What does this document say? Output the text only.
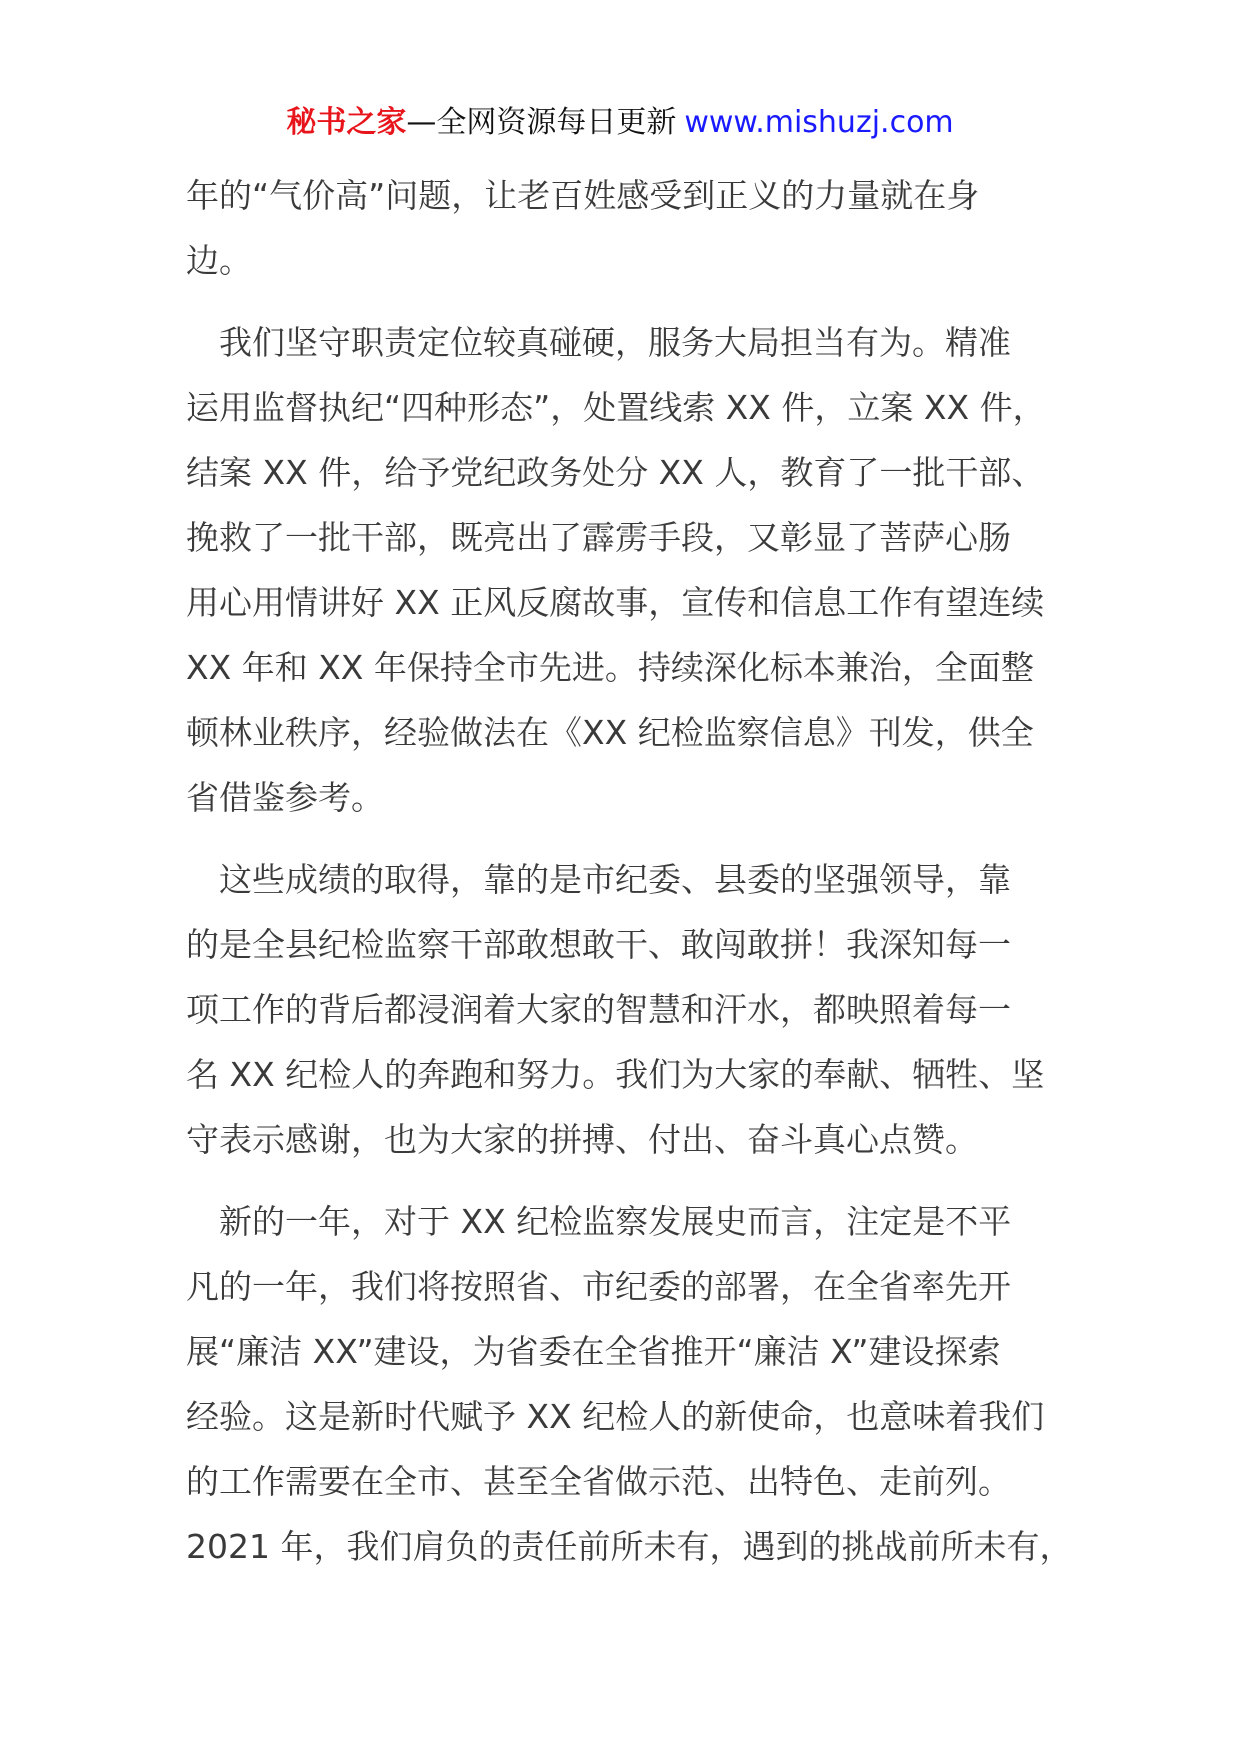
秘书之家—全网资源每日更新 www.mishuzj.com
年的“气价高”问题，让老百姓感受到正义的力量就在身
边。
　我们坚守职责定位较真碰硬，服务大局担当有为。精准
运用监督执纪“四种形态”，处置线索 XX 件，立案 XX 件，
结案 XX 件，给予党纪政务处分 XX 人，教育了一批干部、
挽救了一批干部，既亮出了霹雳手段，又彰显了菩萨心肠
用心用情讲好 XX 正风反腐故事，宣传和信息工作有望连续
XX 年和 XX 年保持全市先进。持续深化标本兼治，全面整
顿林业秩序，经验做法在《XX 纪检监察信息》刊发，供全
省借鉴参考。
　这些成绩的取得，靠的是市纪委、县委的坚强领导，靠
的是全县纪检监察干部敢想敢干、敢闯敢拼！我深知每一
项工作的背后都浸润着大家的智慧和汗水，都映照着每一
名 XX 纪检人的奔跑和努力。我们为大家的奉献、牺牲、坚
守表示感谢，也为大家的拼搏、付出、奋斗真心点赞。
　新的一年，对于 XX 纪检监察发展史而言，注定是不平
凡的一年，我们将按照省、市纪委的部署，在全省率先开
展“廉洁 XX”建设，为省委在全省推开“廉洁 X”建设探索
经验。这是新时代赋予 XX 纪检人的新使命，也意味着我们
的工作需要在全市、甚至全省做示范、出特色、走前列。
2021 年，我们肩负的责任前所未有，遇到的挑战前所未有，
